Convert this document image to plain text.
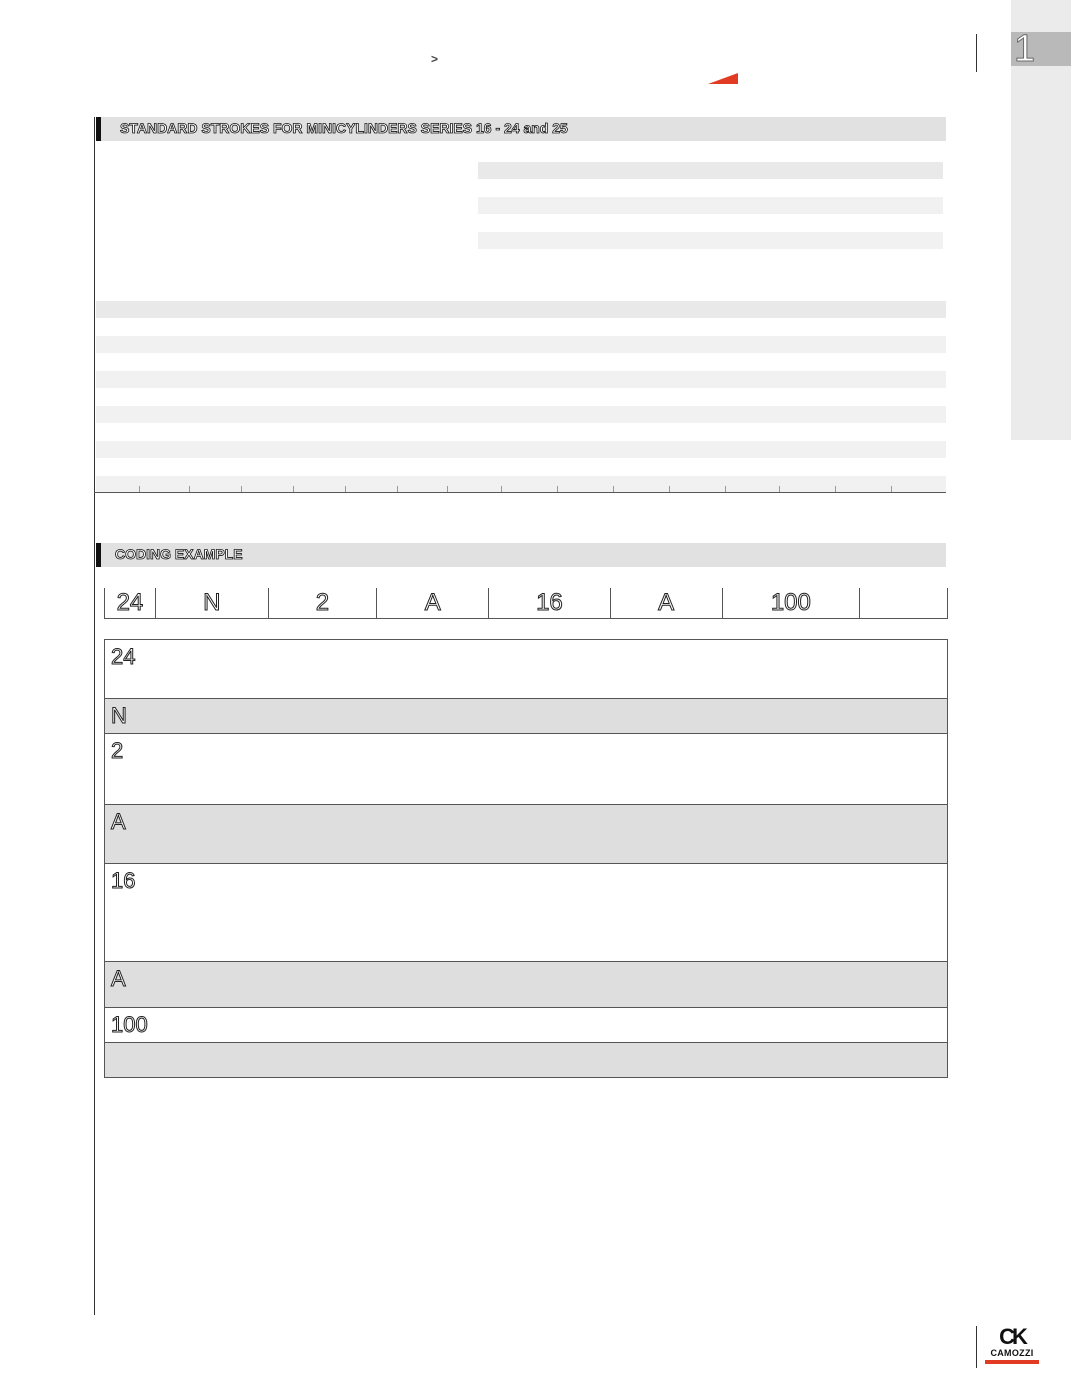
1
>
STANDARD STROKES FOR MINICYLINDERS SERIES 16 - 24 and 25
CODING EXAMPLE
24	N	2	A	16	A	100
24
N
2
A
16
A
100
CK
CAMOZZI
